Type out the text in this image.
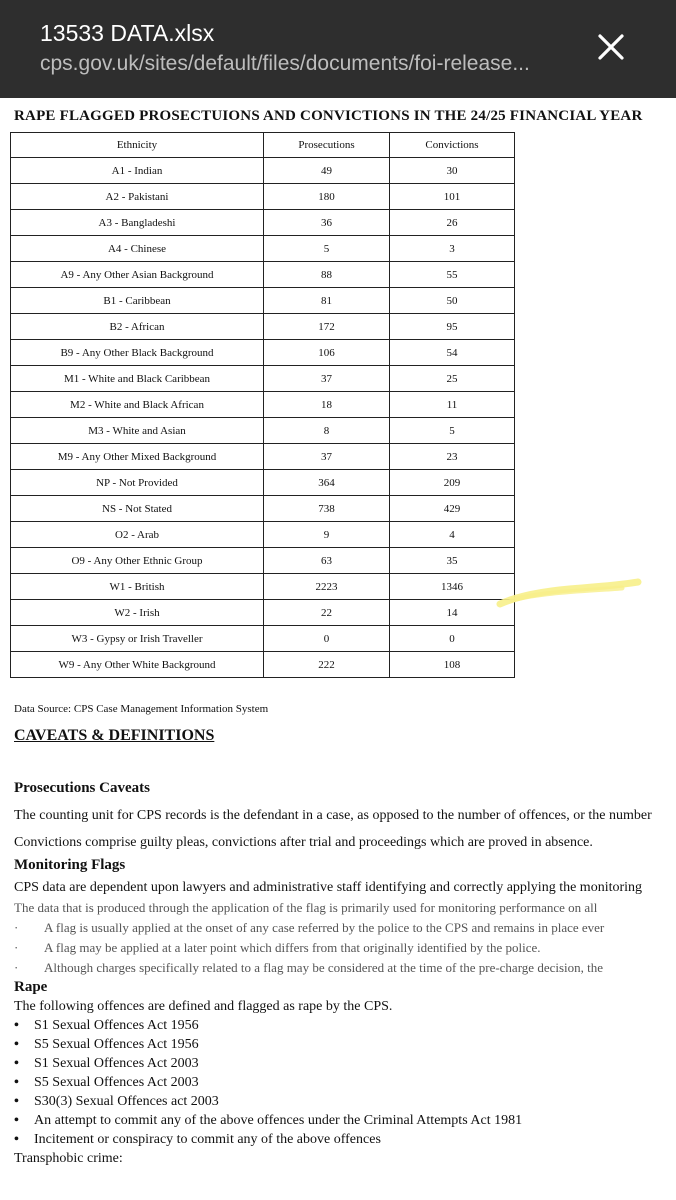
13533 DATA.xlsx
cps.gov.uk/sites/default/files/documents/foi-release...
RAPE FLAGGED PROSECTUIONS AND CONVICTIONS IN THE 24/25 FINANCIAL YEAR
Ethnicity	Prosecutions	Convictions
A1 - Indian	49	30
A2 - Pakistani	180	101
A3 - Bangladeshi	36	26
A4 - Chinese	5	3
A9 - Any Other Asian Background	88	55
B1 - Caribbean	81	50
B2 - African	172	95
B9 - Any Other Black Background	106	54
M1 - White and Black Caribbean	37	25
M2 - White and Black African	18	11
M3 - White and Asian	8	5
M9 - Any Other Mixed Background	37	23
NP - Not Provided	364	209
NS - Not Stated	738	429
O2 - Arab	9	4
O9 - Any Other Ethnic Group	63	35
W1 - British	2223	1346
W2 - Irish	22	14
W3 - Gypsy or Irish Traveller	0	0
W9 - Any Other White Background	222	108
Data Source: CPS Case Management Information System
CAVEATS & DEFINITIONS
Prosecutions Caveats
The counting unit for CPS records is the defendant in a case, as opposed to the number of offences, or the number
Convictions comprise guilty pleas, convictions after trial and proceedings which are proved in absence.
Monitoring Flags
CPS data are dependent upon lawyers and administrative staff identifying and correctly applying the monitoring
The data that is produced through the application of the flag is primarily used for monitoring performance on all
· A flag is usually applied at the onset of any case referred by the police to the CPS and remains in place ever
· A flag may be applied at a later point which differs from that originally identified by the police.
· Although charges specifically related to a flag may be considered at the time of the pre-charge decision, the
Rape
The following offences are defined and flagged as rape by the CPS.
• S1 Sexual Offences Act 1956
• S5 Sexual Offences Act 1956
• S1 Sexual Offences Act 2003
• S5 Sexual Offences Act 2003
• S30(3) Sexual Offences act 2003
• An attempt to commit any of the above offences under the Criminal Attempts Act 1981
• Incitement or conspiracy to commit any of the above offences
Transphobic crime:
